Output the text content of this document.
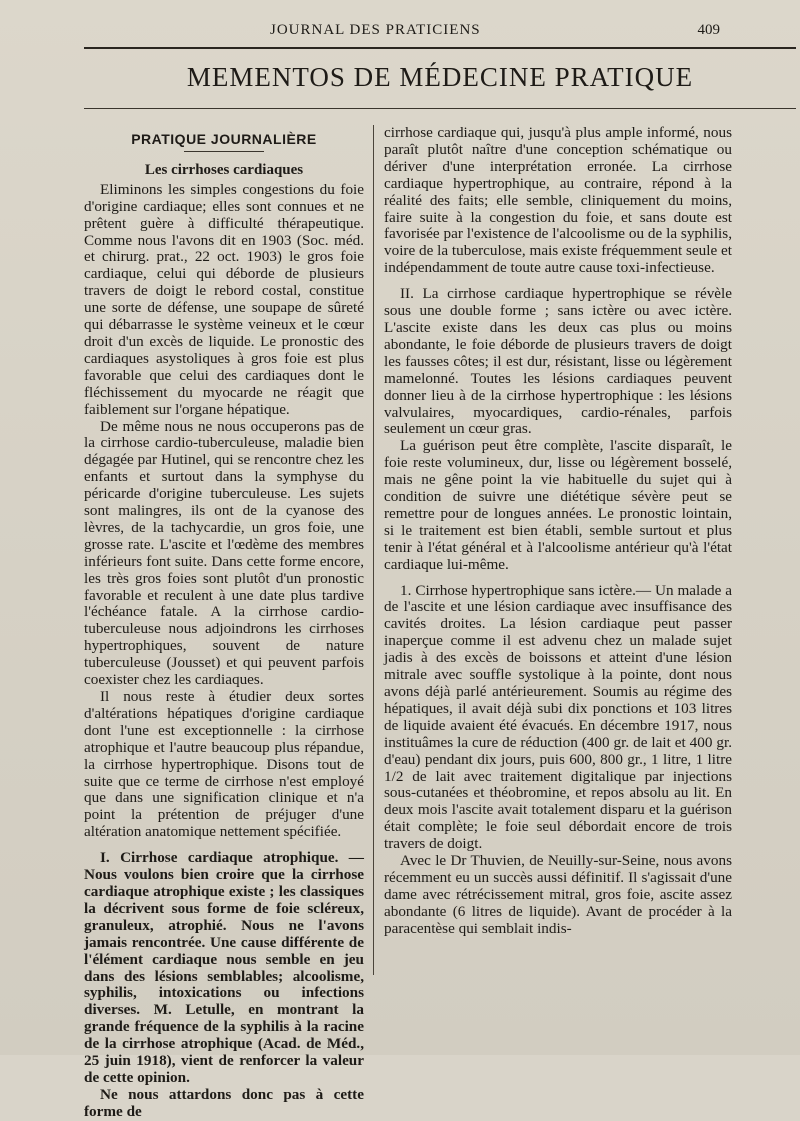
JOURNAL DES PRATICIENS	409
MEMENTOS DE MÉDECINE PRATIQUE
PRATIQUE JOURNALIÈRE
Les cirrhoses cardiaques

Eliminons les simples congestions du foie d'origine cardiaque; elles sont connues et ne prêtent guère à difficulté thérapeutique. Comme nous l'avons dit en 1903 (Soc. méd. et chirurg. prat., 22 oct. 1903) le gros foie cardiaque, celui qui déborde de plusieurs travers de doigt le rebord costal, constitue une sorte de défense, une soupape de sûreté qui débarrasse le système veineux et le cœur droit d'un excès de liquide. Le pronostic des cardiaques asystoliques à gros foie est plus favorable que celui des cardiaques dont le fléchissement du myocarde ne réagit que faiblement sur l'organe hépatique.

De même nous ne nous occuperons pas de la cirrhose cardio-tuberculeuse, maladie bien dégagée par Hutinel, qui se rencontre chez les enfants et surtout dans la symphyse du péricarde d'origine tuberculeuse. Les sujets sont malingres, ils ont de la cyanose des lèvres, de la tachycardie, un gros foie, une grosse rate. L'ascite et l'œdème des membres inférieurs font suite. Dans cette forme encore, les très gros foies sont plutôt d'un pronostic favorable et reculent à une date plus tardive l'échéance fatale. A la cirrhose cardio-tuberculeuse nous adjoindrons les cirrhoses hypertrophiques, souvent de nature tuberculeuse (Jousset) et qui peuvent parfois coexister chez les cardiaques.

Il nous reste à étudier deux sortes d'altérations hépatiques d'origine cardiaque dont l'une est exceptionnelle : la cirrhose atrophique et l'autre beaucoup plus répandue, la cirrhose hypertrophique. Disons tout de suite que ce terme de cirrhose n'est employé que dans une signification clinique et n'a point la prétention de préjuger d'une altération anatomique nettement spécifiée.

I. Cirrhose cardiaque atrophique. — Nous voulons bien croire que la cirrhose cardiaque atrophique existe ; les classiques la décrivent sous forme de foie scléreux, granuleux, atrophié. Nous ne l'avons jamais rencontrée. Une cause différente de l'élément cardiaque nous semble en jeu dans des lésions semblables; alcoolisme, syphilis, intoxications ou infections diverses. M. Letulle, en montrant la grande fréquence de la syphilis à la racine de la cirrhose atrophique (Acad. de Méd., 25 juin 1918), vient de renforcer la valeur de cette opinion.

Ne nous attardons donc pas à cette forme de

cirrhose cardiaque qui, jusqu'à plus ample informé, nous paraît plutôt naître d'une conception schématique ou dériver d'une interprétation erronée. La cirrhose cardiaque hypertrophique, au contraire, répond à la réalité des faits; elle semble, cliniquement du moins, faire suite à la congestion du foie, et sans doute est favorisée par l'existence de l'alcoolisme ou de la syphilis, voire de la tuberculose, mais existe fréquemment seule et indépendamment de toute autre cause toxi-infectieuse.

II. La cirrhose cardiaque hypertrophique se révèle sous une double forme ; sans ictère ou avec ictère. L'ascite existe dans les deux cas plus ou moins abondante, le foie déborde de plusieurs travers de doigt les fausses côtes; il est dur, résistant, lisse ou légèrement mamelonné. Toutes les lésions cardiaques peuvent donner lieu à de la cirrhose hypertrophique : les lésions valvulaires, myocardiques, cardio-rénales, parfois seulement un cœur gras.

La guérison peut être complète, l'ascite disparaît, le foie reste volumineux, dur, lisse ou légèrement bosselé, mais ne gêne point la vie habituelle du sujet qui à condition de suivre une diététique sévère peut se remettre pour de longues années. Le pronostic lointain, si le traitement est bien établi, semble surtout et plus tenir à l'état général et à l'alcoolisme antérieur qu'à l'état cardiaque lui-même.

1. Cirrhose hypertrophique sans ictère.— Un malade a de l'ascite et une lésion cardiaque avec insuffisance des cavités droites. La lésion cardiaque peut passer inaperçue comme il est advenu chez un malade sujet jadis à des excès de boissons et atteint d'une lésion mitrale avec souffle systolique à la pointe, dont nous avons déjà parlé antérieurement. Soumis au régime des hépatiques, il avait déjà subi dix ponctions et 103 litres de liquide avaient été évacués. En décembre 1917, nous instituâmes la cure de réduction (400 gr. de lait et 400 gr. d'eau) pendant dix jours, puis 600, 800 gr., 1 litre, 1 litre 1/2 de lait avec traitement digitalique par injections sous-cutanées et théobromine, et repos absolu au lit. En deux mois l'ascite avait totalement disparu et la guérison était complète; le foie seul débordait encore de trois travers de doigt.

Avec le Dr Thuvien, de Neuilly-sur-Seine, nous avons récemment eu un succès aussi définitif. Il s'agissait d'une dame avec rétrécissement mitral, gros foie, ascite assez abondante (6 litres de liquide). Avant de procéder à la paracentèse qui semblait indis-
